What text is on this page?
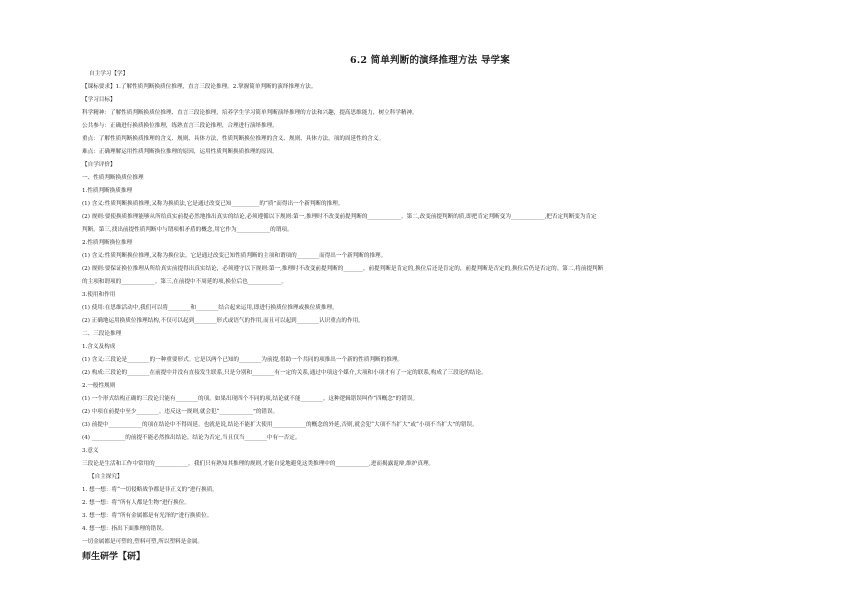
6.2 简单判断的演绎推理方法 导学案
自主学习【学】
【课标要求】1.了解性质判断换质位推理，直言三段论推理。2.掌握简单判断的演绎推理方法。
【学习目标】
科学精神：了解性质判断换质位推理、直言三段论推理，培养学生学习简单判断演绎推理的方法和兴趣，提高思维能力，树立科学精神。
公共参与：正确进行换质换位推理，练熟直言三段论推理，合理进行演绎推理。
重点：了解性质判断换质推理的含义、规则、具体方法，性质判断换位推理的含义、规则、具体方法，项的周延性的含义。
难点：正确理解运用性质判断换位推理的原因，运用性质判断换质推理的原因。
【自学评价】
一、性质判断换质位推理
1.性质判断换质推理
(1) 含义:性质判断换质推理,又称为换质法,它是通过改变已知__________的“质”而得出一个新判断的推理。
(2) 规则:要使换质推理能够从所给真实前提必然地推出真实的结论,必须遵循以下规则:第一,推理时不改变前提判断的____________。第二,改变前提判断的质,即把肯定判断变为____________,把否定判断变为肯定
判断。第三,找出前提性质判断中与谓项相矛盾的概念,用它作为____________的谓项。
2.性质判断换位推理
(1) 含义:性质判断换位推理,又称为换位法。它是通过改变已知性质判断的主项和谓项的________而得出一个新判断的推理。
(2) 规则:要保证换位推理从所给真实前提得出真实结论，必须遵守以下规则:第一,推理时不改变前提判断的_______，前提判断是肯定的,换位后还是肯定的，前提判断是否定的,换位后仍是否定的。第二,将前提判断
的主项和谓项的____________。第三,在前提中不周延的项,换位后也____________。
3.使用和作用
(1) 使用:在思维活动中,我们可以将________和________结合起来运用,即进行换质位推理或换位质推理。
(2) 正确地运用换质位推理结构,不仅可以起到________形式或语气的作用,而且可以起到________认识重点的作用。
二、三段论推理
1.含义及构成
(1) 含义:三段论是________的一种重要形式。它是以两个已知的________为前提,借助一个共同的项推出一个新的性质判断的推理。
(2) 构成:三段论的________在前提中并没有直接发生联系,只是分别和________有一定的关系,通过中项这个媒介,大项和小项才有了一定的联系,构成了三段论的结论。
2.一般性规则
(1) 一个形式结构正确的三段论只能有________的项。如果出现四个不同的项,结论就不能________。这种逻辑错误叫作“四概念”的错误。
(2) 中项在前提中至少________。违反这一规则,就会犯“____________”的错误。
(3) 前提中____________的项在结论中不得周延。也就是说,结论不能扩大使用____________的概念的外延,否则,就会犯“大项不当扩大”或“小项不当扩大”的错误。
(4) ____________的前提不能必然推出结论。结论为否定,当且仅当________中有一否定。
3.意义
三段论是生活和工作中常用的____________。我们只有熟知其推理的规则,才能自觉地避免这类推理中的____________,进而揭露诡辩,维护真理。
【自主探究】
1. 想一想：将“一切侵略战争都是非正义的”进行换质。
2. 想一想：将“所有人都是生物”进行换位。
3. 想一想：将“所有金属都是有光泽的”进行换质位。
4. 想一想：指出下面推理的错误。
一切金属都是可塑的,塑料可塑,所以塑料是金属。
师生研学【研】
